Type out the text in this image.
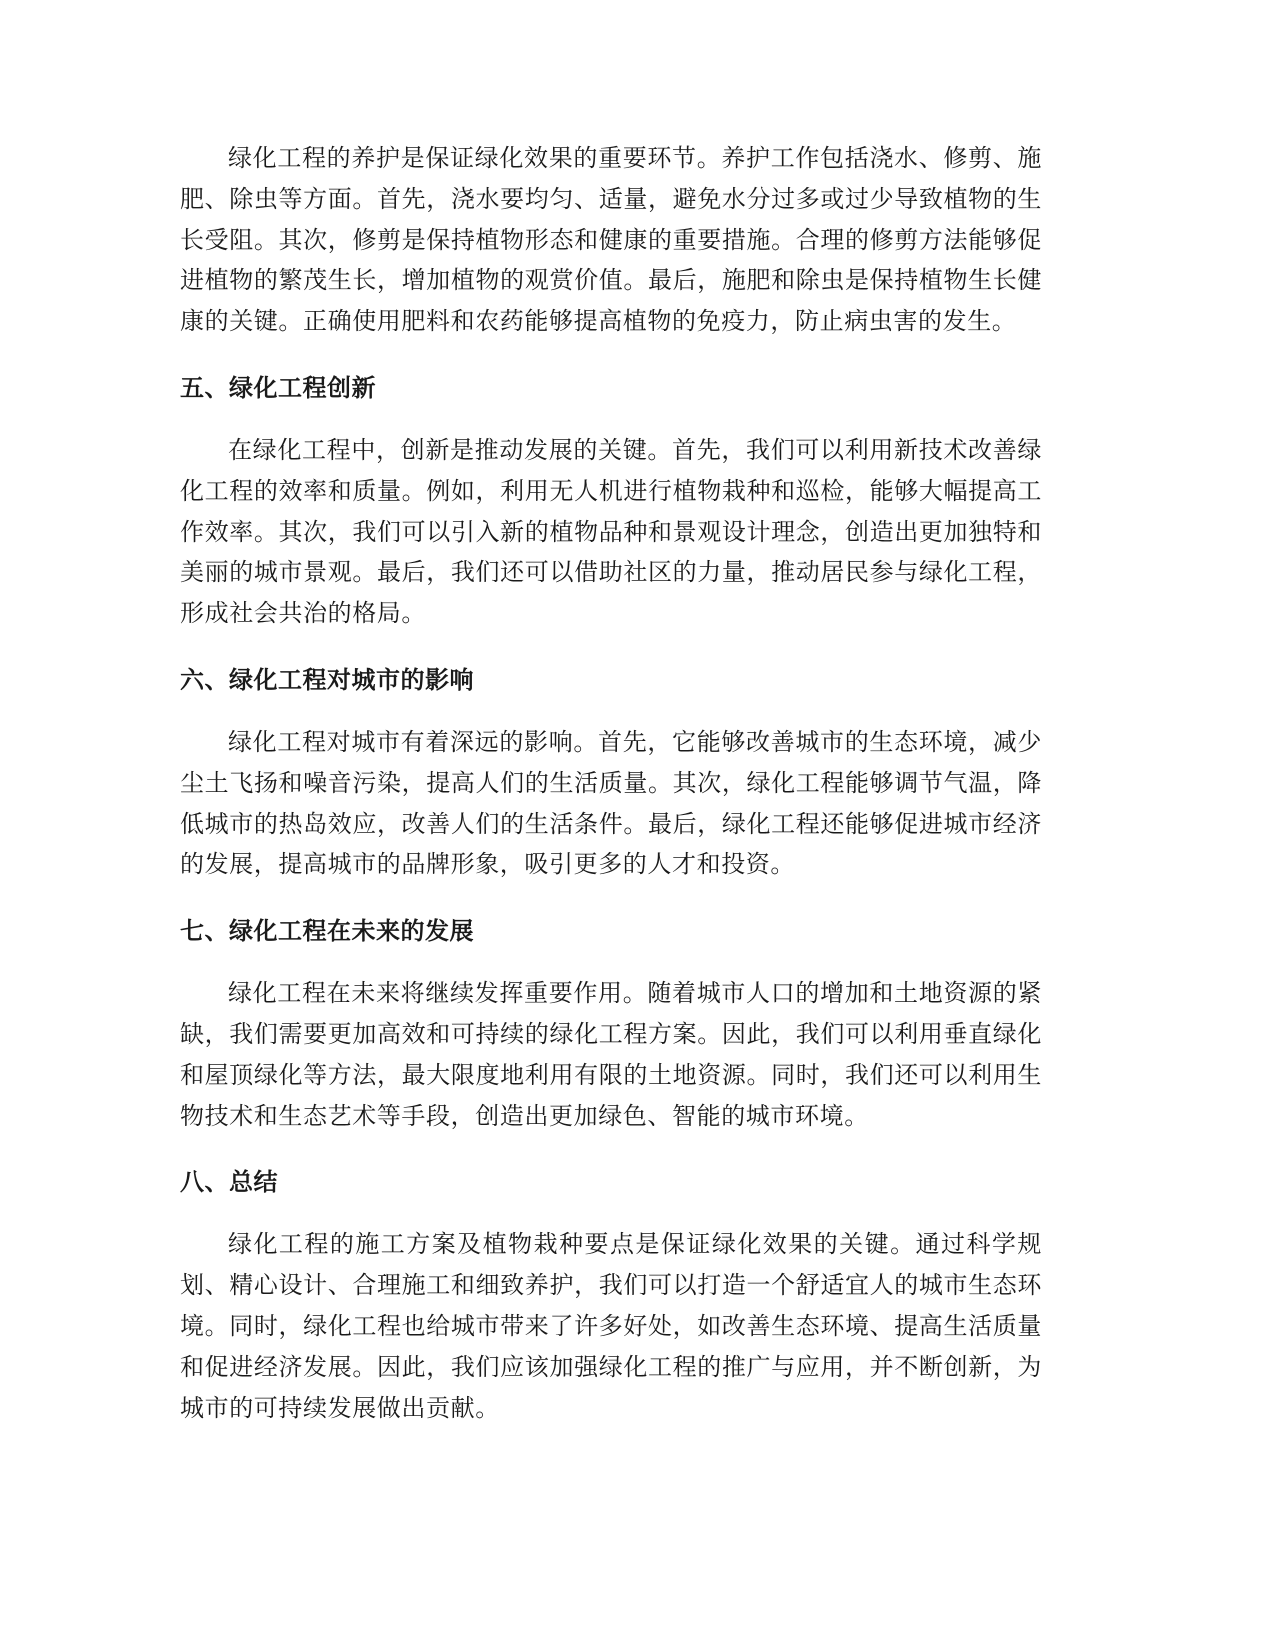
绿化工程的养护是保证绿化效果的重要环节。养护工作包括浇水、修剪、施肥、除虫等方面。首先，浇水要均匀、适量，避免水分过多或过少导致植物的生长受阻。其次，修剪是保持植物形态和健康的重要措施。合理的修剪方法能够促进植物的繁茂生长，增加植物的观赏价值。最后，施肥和除虫是保持植物生长健康的关键。正确使用肥料和农药能够提高植物的免疫力，防止病虫害的发生。

五、绿化工程创新

在绿化工程中，创新是推动发展的关键。首先，我们可以利用新技术改善绿化工程的效率和质量。例如，利用无人机进行植物栽种和巡检，能够大幅提高工作效率。其次，我们可以引入新的植物品种和景观设计理念，创造出更加独特和美丽的城市景观。最后，我们还可以借助社区的力量，推动居民参与绿化工程，形成社会共治的格局。

六、绿化工程对城市的影响

绿化工程对城市有着深远的影响。首先，它能够改善城市的生态环境，减少尘土飞扬和噪音污染，提高人们的生活质量。其次，绿化工程能够调节气温，降低城市的热岛效应，改善人们的生活条件。最后，绿化工程还能够促进城市经济的发展，提高城市的品牌形象，吸引更多的人才和投资。

七、绿化工程在未来的发展

绿化工程在未来将继续发挥重要作用。随着城市人口的增加和土地资源的紧缺，我们需要更加高效和可持续的绿化工程方案。因此，我们可以利用垂直绿化和屋顶绿化等方法，最大限度地利用有限的土地资源。同时，我们还可以利用生物技术和生态艺术等手段，创造出更加绿色、智能的城市环境。

八、总结

绿化工程的施工方案及植物栽种要点是保证绿化效果的关键。通过科学规划、精心设计、合理施工和细致养护，我们可以打造一个舒适宜人的城市生态环境。同时，绿化工程也给城市带来了许多好处，如改善生态环境、提高生活质量和促进经济发展。因此，我们应该加强绿化工程的推广与应用，并不断创新，为城市的可持续发展做出贡献。
